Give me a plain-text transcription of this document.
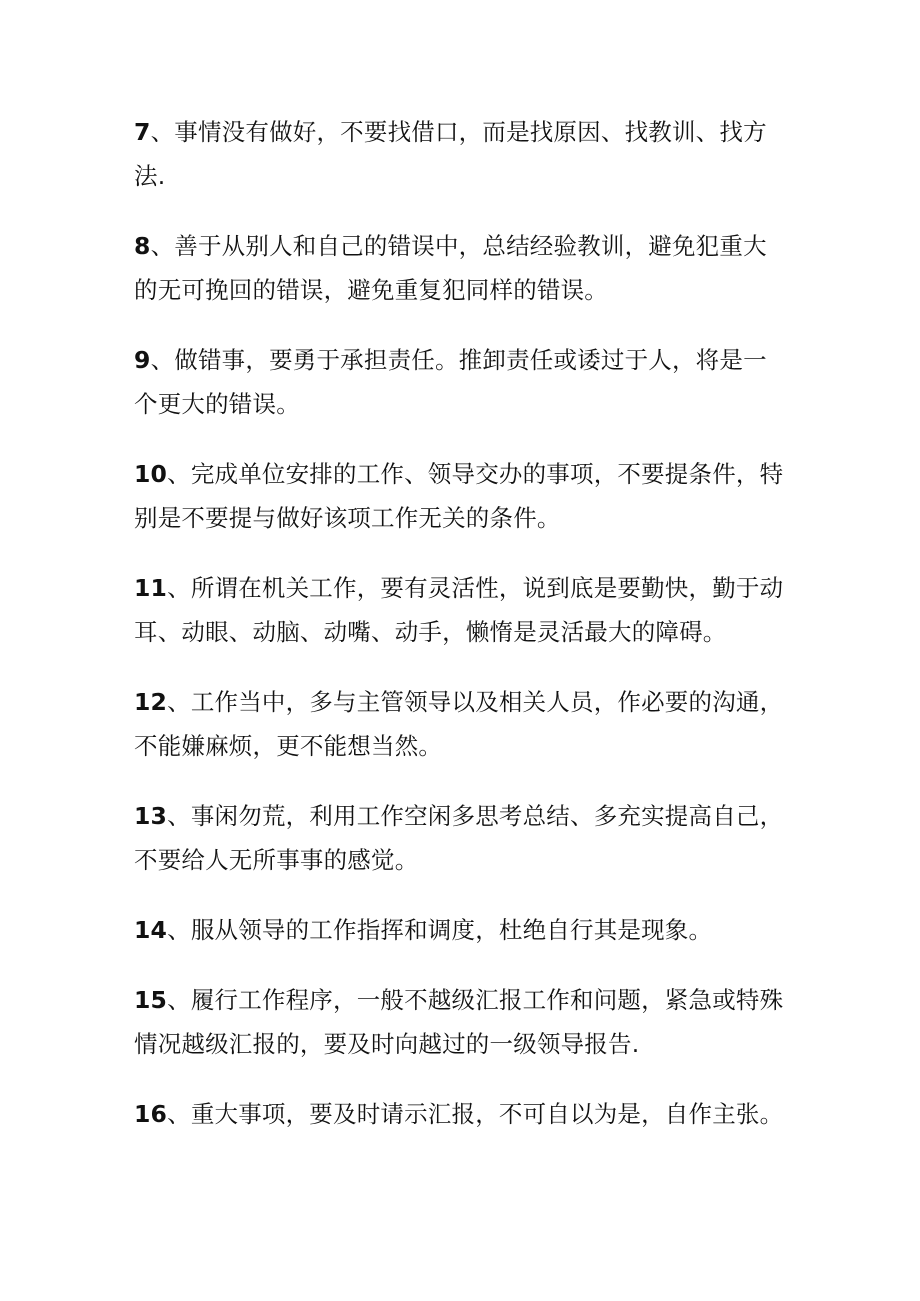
7、事情没有做好，不要找借口，而是找原因、找教训、找方法.

8、善于从别人和自己的错误中，总结经验教训，避免犯重大的无可挽回的错误，避免重复犯同样的错误。

9、做错事，要勇于承担责任。推卸责任或诿过于人，将是一个更大的错误。

10、完成单位安排的工作、领导交办的事项，不要提条件，特别是不要提与做好该项工作无关的条件。

11、所谓在机关工作，要有灵活性，说到底是要勤快，勤于动耳、动眼、动脑、动嘴、动手，懒惰是灵活最大的障碍。

12、工作当中，多与主管领导以及相关人员，作必要的沟通，不能嫌麻烦，更不能想当然。

13、事闲勿荒，利用工作空闲多思考总结、多充实提高自己，不要给人无所事事的感觉。

14、服从领导的工作指挥和调度，杜绝自行其是现象。

15、履行工作程序，一般不越级汇报工作和问题，紧急或特殊情况越级汇报的，要及时向越过的一级领导报告.

16、重大事项，要及时请示汇报，不可自以为是，自作主张。
